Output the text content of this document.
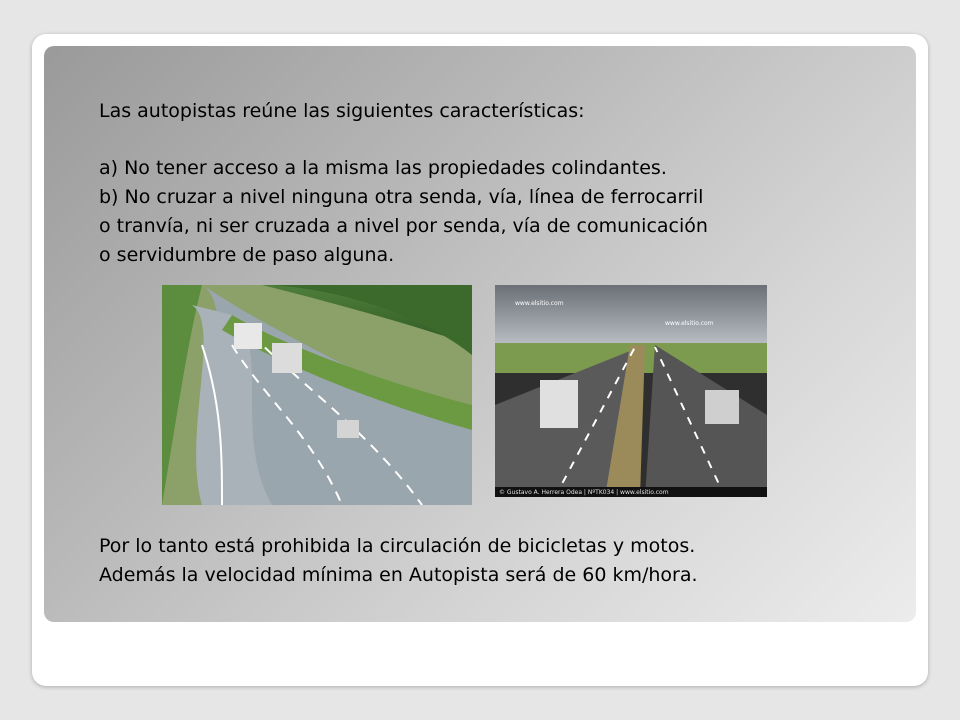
Las autopistas reúne las siguientes características:

a) No tener acceso a la misma las propiedades colindantes.
b) No cruzar a nivel ninguna otra senda, vía, línea de ferrocarril
o tranvía, ni ser cruzada a nivel por senda, vía de comunicación
o servidumbre de paso alguna.
www.elsitio.com
www.elsitio.com
© Gustavo A. Herrera Odea | NºTK034 | www.elsitio.com
Por lo tanto está prohibida la circulación de bicicletas y motos.
Además la velocidad mínima en Autopista será de 60 km/hora.
